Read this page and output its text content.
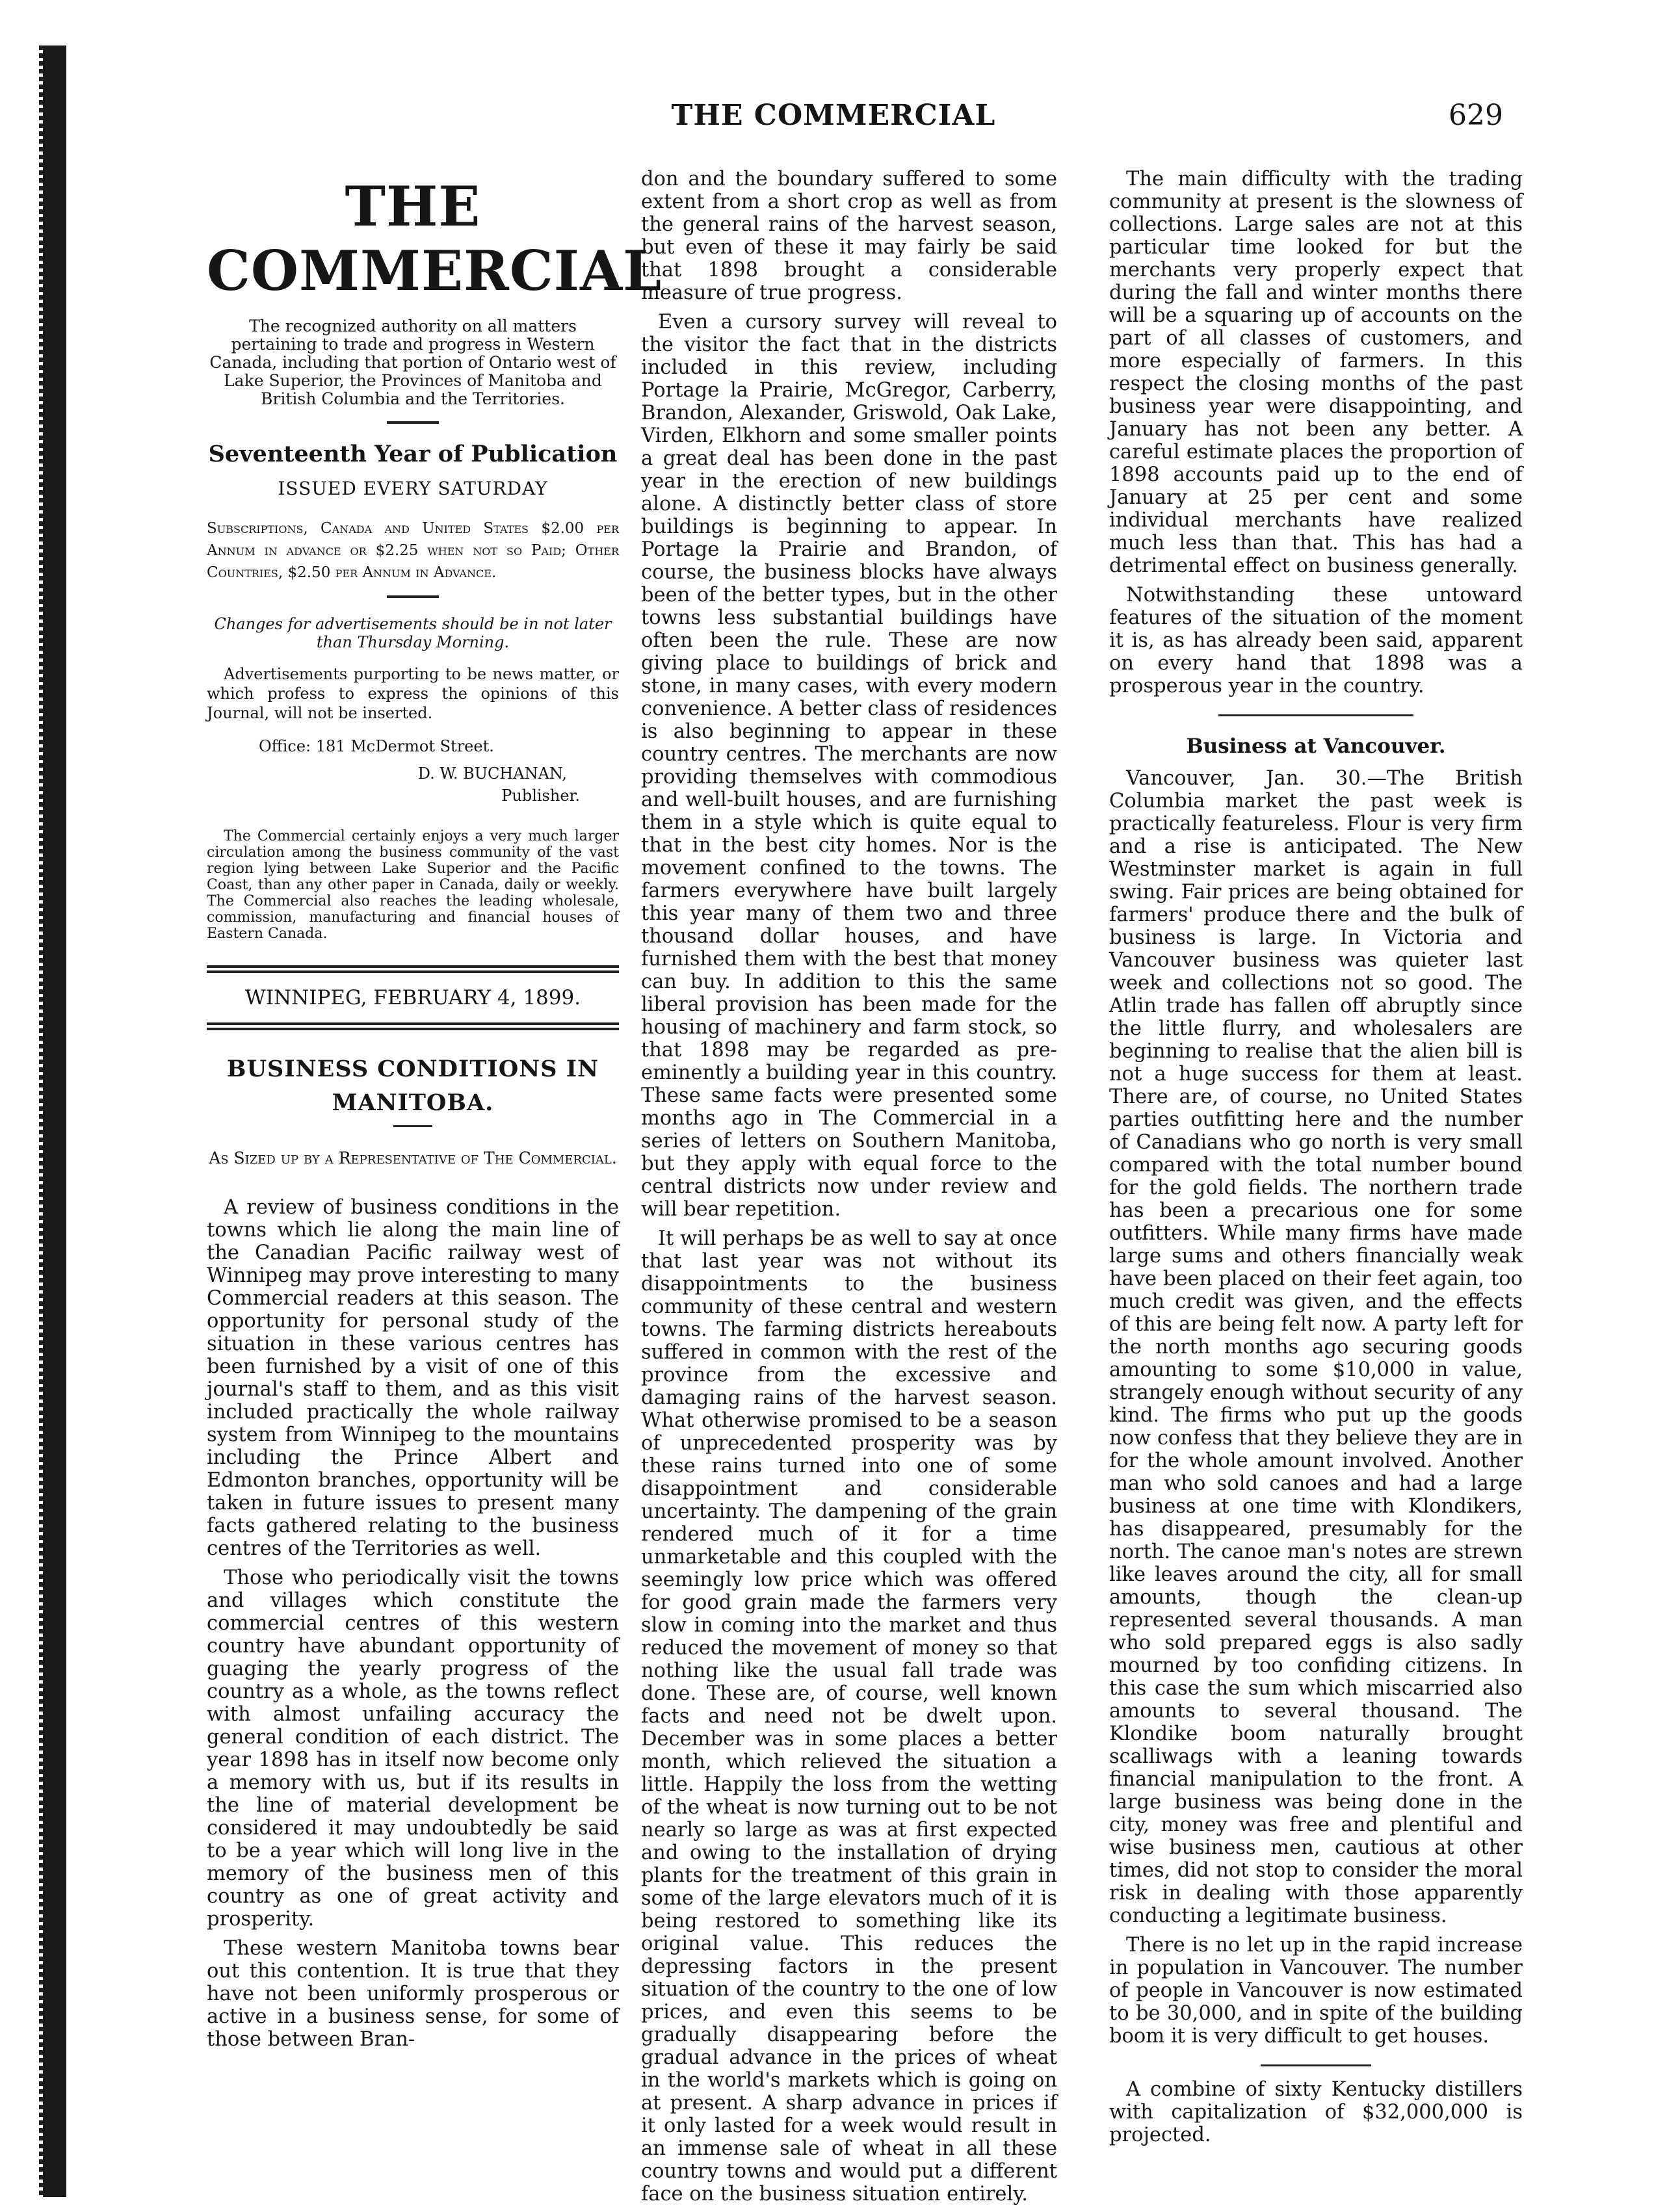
THE COMMERCIAL	629
THE COMMERCIAL

The recognized authority on all matters pertaining to trade and progress in Western Canada, including that portion of Ontario west of Lake Superior, the Provinces of Manitoba and British Columbia and the Territories.

Seventeenth Year of Publication
ISSUED EVERY SATURDAY

Subscriptions, Canada and United States $2.00 per Annum in advance or $2.25 when not so Paid; Other Countries, $2.50 per Annum in Advance.

Changes for advertisements should be in not later than Thursday Morning.

Advertisements purporting to be news matter, or which profess to express the opinions of this Journal, will not be inserted.

Office: 181 McDermot Street.
D. W. BUCHANAN,
Publisher.

The Commercial certainly enjoys a very much larger circulation among the business community of the vast region lying between Lake Superior and the Pacific Coast, than any other paper in Canada, daily or weekly. The Commercial also reaches the leading wholesale, commission, manufacturing and financial houses of Eastern Canada.

WINNIPEG, FEBRUARY 4, 1899.
BUSINESS CONDITIONS IN
MANITOBA.
As Sized up by a Representative of The Commercial.

A review of business conditions in the towns which lie along the main line of the Canadian Pacific railway west of Winnipeg may prove interesting to many Commercial readers at this season. The opportunity for personal study of the situation in these various centres has been furnished by a visit of one of this journal's staff to them, and as this visit included practically the whole railway system from Winnipeg to the mountains including the Prince Albert and Edmonton branches, opportunity will be taken in future issues to present many facts gathered relating to the business centres of the Territories as well.

Those who periodically visit the towns and villages which constitute the commercial centres of this western country have abundant opportunity of guaging the yearly progress of the country as a whole, as the towns reflect with almost unfailing accuracy the general condition of each district. The year 1898 has in itself now become only a memory with us, but if its results in the line of material development be considered it may undoubtedly be said to be a year which will long live in the memory of the business men of this country as one of great activity and prosperity.

These western Manitoba towns bear out this contention. It is true that they have not been uniformly prosperous or active in a business sense, for some of those between Bran-

don and the boundary suffered to some extent from a short crop as well as from the general rains of the harvest season, but even of these it may fairly be said that 1898 brought a considerable measure of true progress.

Even a cursory survey will reveal to the visitor the fact that in the districts included in this review, including Portage la Prairie, McGregor, Carberry, Brandon, Alexander, Griswold, Oak Lake, Virden, Elkhorn and some smaller points a great deal has been done in the past year in the erection of new buildings alone. A distinctly better class of store buildings is beginning to appear. In Portage la Prairie and Brandon, of course, the business blocks have always been of the better types, but in the other towns less substantial buildings have often been the rule. These are now giving place to buildings of brick and stone, in many cases, with every modern convenience. A better class of residences is also beginning to appear in these country centres. The merchants are now providing themselves with commodious and well-built houses, and are furnishing them in a style which is quite equal to that in the best city homes. Nor is the movement confined to the towns. The farmers everywhere have built largely this year many of them two and three thousand dollar houses, and have furnished them with the best that money can buy. In addition to this the same liberal provision has been made for the housing of machinery and farm stock, so that 1898 may be regarded as pre-eminently a building year in this country. These same facts were presented some months ago in The Commercial in a series of letters on Southern Manitoba, but they apply with equal force to the central districts now under review and will bear repetition.

It will perhaps be as well to say at once that last year was not without its disappointments to the business community of these central and western towns. The farming districts hereabouts suffered in common with the rest of the province from the excessive and damaging rains of the harvest season. What otherwise promised to be a season of unprecedented prosperity was by these rains turned into one of some disappointment and considerable uncertainty. The dampening of the grain rendered much of it for a time unmarketable and this coupled with the seemingly low price which was offered for good grain made the farmers very slow in coming into the market and thus reduced the movement of money so that nothing like the usual fall trade was done. These are, of course, well known facts and need not be dwelt upon. December was in some places a better month, which relieved the situation a little. Happily the loss from the wetting of the wheat is now turning out to be not nearly so large as was at first expected and owing to the installation of drying plants for the treatment of this grain in some of the large elevators much of it is being restored to something like its original value. This reduces the depressing factors in the present situation of the country to the one of low prices, and even this seems to be gradually disappearing before the gradual advance in the prices of wheat in the world's markets which is going on at present. A sharp advance in prices if it only lasted for a week would result in an immense sale of wheat in all these country towns and would put a different face on the business situation entirely.

The main difficulty with the trading community at present is the slowness of collections. Large sales are not at this particular time looked for but the merchants very properly expect that during the fall and winter months there will be a squaring up of accounts on the part of all classes of customers, and more especially of farmers. In this respect the closing months of the past business year were disappointing, and January has not been any better. A careful estimate places the proportion of 1898 accounts paid up to the end of January at 25 per cent and some individual merchants have realized much less than that. This has had a detrimental effect on business generally.

Notwithstanding these untoward features of the situation of the moment it is, as has already been said, apparent on every hand that 1898 was a prosperous year in the country.

Business at Vancouver.

Vancouver, Jan. 30.—The British Columbia market the past week is practically featureless. Flour is very firm and a rise is anticipated. The New Westminster market is again in full swing. Fair prices are being obtained for farmers' produce there and the bulk of business is large. In Victoria and Vancouver business was quieter last week and collections not so good. The Atlin trade has fallen off abruptly since the little flurry, and wholesalers are beginning to realise that the alien bill is not a huge success for them at least. There are, of course, no United States parties outfitting here and the number of Canadians who go north is very small compared with the total number bound for the gold fields. The northern trade has been a precarious one for some outfitters. While many firms have made large sums and others financially weak have been placed on their feet again, too much credit was given, and the effects of this are being felt now. A party left for the north months ago securing goods amounting to some $10,000 in value, strangely enough without security of any kind. The firms who put up the goods now confess that they believe they are in for the whole amount involved. Another man who sold canoes and had a large business at one time with Klondikers, has disappeared, presumably for the north. The canoe man's notes are strewn like leaves around the city, all for small amounts, though the clean-up represented several thousands. A man who sold prepared eggs is also sadly mourned by too confiding citizens. In this case the sum which miscarried also amounts to several thousand. The Klondike boom naturally brought scalliwags with a leaning towards financial manipulation to the front. A large business was being done in the city, money was free and plentiful and wise business men, cautious at other times, did not stop to consider the moral risk in dealing with those apparently conducting a legitimate business.

There is no let up in the rapid increase in population in Vancouver. The number of people in Vancouver is now estimated to be 30,000, and in spite of the building boom it is very difficult to get houses.

A combine of sixty Kentucky distillers with capitalization of $32,000,000 is projected.
